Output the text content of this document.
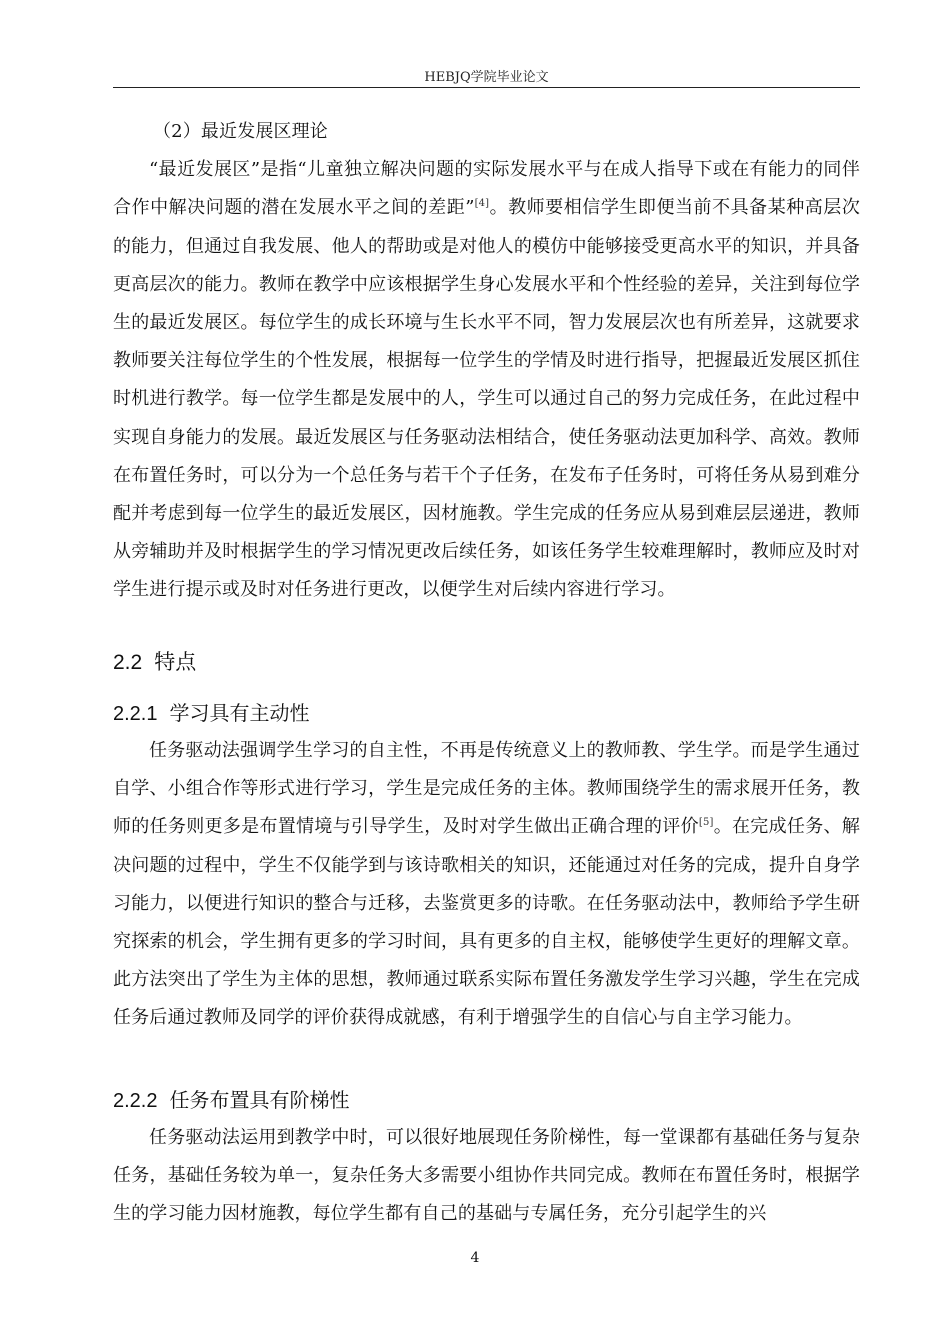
HEBJQ学院毕业论文

（2）最近发展区理论

“最近发展区”是指“儿童独立解决问题的实际发展水平与在成人指导下或在有能力的同伴合作中解决问题的潜在发展水平之间的差距”[4]。教师要相信学生即便当前不具备某种高层次的能力，但通过自我发展、他人的帮助或是对他人的模仿中能够接受更高水平的知识，并具备更高层次的能力。教师在教学中应该根据学生身心发展水平和个性经验的差异，关注到每位学生的最近发展区。每位学生的成长环境与生长水平不同，智力发展层次也有所差异，这就要求教师要关注每位学生的个性发展，根据每一位学生的学情及时进行指导，把握最近发展区抓住时机进行教学。每一位学生都是发展中的人，学生可以通过自己的努力完成任务，在此过程中实现自身能力的发展。最近发展区与任务驱动法相结合，使任务驱动法更加科学、高效。教师在布置任务时，可以分为一个总任务与若干个子任务，在发布子任务时，可将任务从易到难分配并考虑到每一位学生的最近发展区，因材施教。学生完成的任务应从易到难层层递进，教师从旁辅助并及时根据学生的学习情况更改后续任务，如该任务学生较难理解时，教师应及时对学生进行提示或及时对任务进行更改，以便学生对后续内容进行学习。

2.2 特点
2.2.1 学习具有主动性

任务驱动法强调学生学习的自主性，不再是传统意义上的教师教、学生学。而是学生通过自学、小组合作等形式进行学习，学生是完成任务的主体。教师围绕学生的需求展开任务，教师的任务则更多是布置情境与引导学生，及时对学生做出正确合理的评价[5]。在完成任务、解决问题的过程中，学生不仅能学到与该诗歌相关的知识，还能通过对任务的完成，提升自身学习能力，以便进行知识的整合与迁移，去鉴赏更多的诗歌。在任务驱动法中，教师给予学生研究探索的机会，学生拥有更多的学习时间，具有更多的自主权，能够使学生更好的理解文章。此方法突出了学生为主体的思想，教师通过联系实际布置任务激发学生学习兴趣，学生在完成任务后通过教师及同学的评价获得成就感，有利于增强学生的自信心与自主学习能力。

2.2.2 任务布置具有阶梯性

任务驱动法运用到教学中时，可以很好地展现任务阶梯性，每一堂课都有基础任务与复杂任务，基础任务较为单一，复杂任务大多需要小组协作共同完成。教师在布置任务时，根据学生的学习能力因材施教，每位学生都有自己的基础与专属任务，充分引起学生的兴

4
